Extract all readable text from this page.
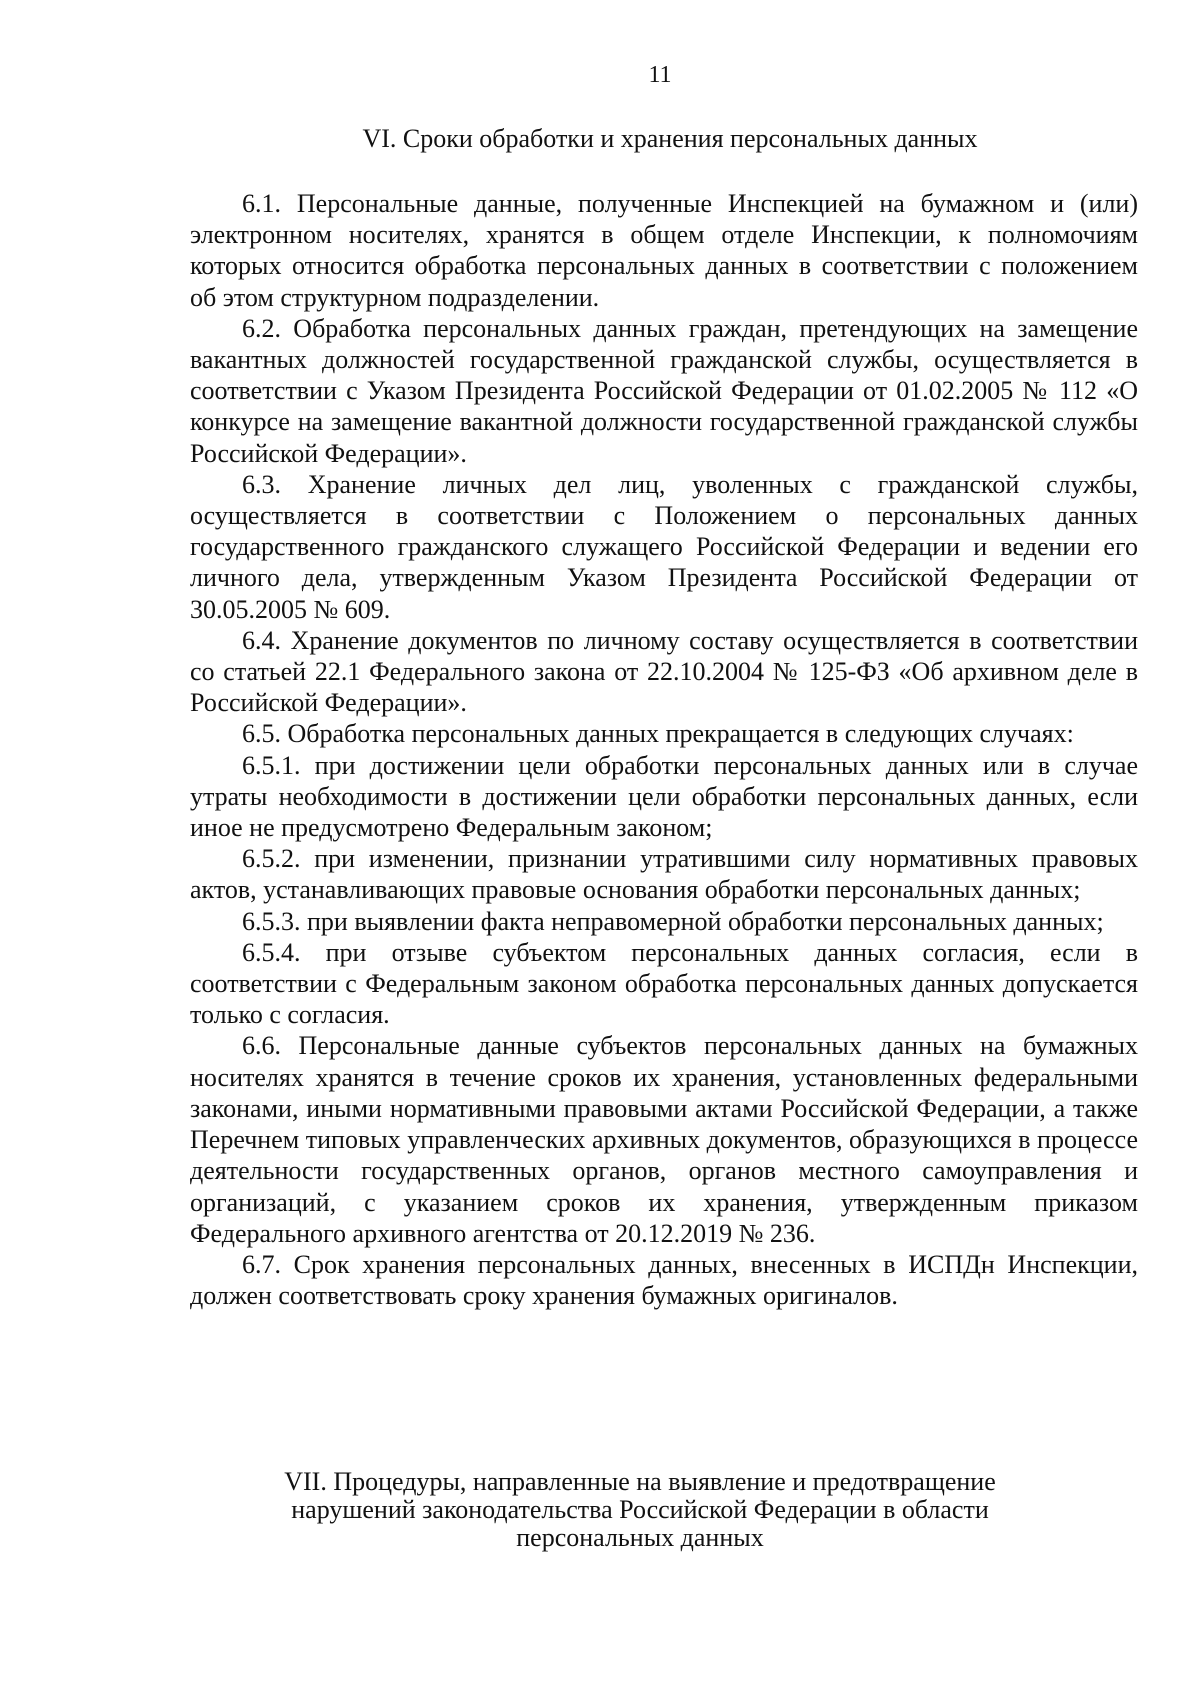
11
VI. Сроки обработки и хранения персональных данных

6.1. Персональные данные, полученные Инспекцией на бумажном и (или) электронном носителях, хранятся в общем отделе Инспекции, к полномочиям которых относится обработка персональных данных в соответствии с положением об этом структурном подразделении.

6.2. Обработка персональных данных граждан, претендующих на замещение вакантных должностей государственной гражданской службы, осуществляется в соответствии с Указом Президента Российской Федерации от 01.02.2005 № 112 «О конкурсе на замещение вакантной должности государственной гражданской службы Российской Федерации».

6.3. Хранение личных дел лиц, уволенных с гражданской службы, осуществляется в соответствии с Положением о персональных данных государственного гражданского служащего Российской Федерации и ведении его личного дела, утвержденным Указом Президента Российской Федерации от 30.05.2005 № 609.

6.4. Хранение документов по личному составу осуществляется в соответствии со статьей 22.1 Федерального закона от 22.10.2004 № 125-ФЗ «Об архивном деле в Российской Федерации».

6.5. Обработка персональных данных прекращается в следующих случаях:

6.5.1. при достижении цели обработки персональных данных или в случае утраты необходимости в достижении цели обработки персональных данных, если иное не предусмотрено Федеральным законом;

6.5.2. при изменении, признании утратившими силу нормативных правовых актов, устанавливающих правовые основания обработки персональных данных;

6.5.3. при выявлении факта неправомерной обработки персональных данных;

6.5.4. при отзыве субъектом персональных данных согласия, если в соответствии с Федеральным законом обработка персональных данных допускается только с согласия.

6.6. Персональные данные субъектов персональных данных на бумажных носителях хранятся в течение сроков их хранения, установленных федеральными законами, иными нормативными правовыми актами Российской Федерации, а также Перечнем типовых управленческих архивных документов, образующихся в процессе деятельности государственных органов, органов местного самоуправления и организаций, с указанием сроков их хранения, утвержденным приказом Федерального архивного агентства от 20.12.2019 № 236.

6.7. Срок хранения персональных данных, внесенных в ИСПДн Инспекции, должен соответствовать сроку хранения бумажных оригиналов.

VII. Процедуры, направленные на выявление и предотвращение
нарушений законодательства Российской Федерации в области
персональных данных
